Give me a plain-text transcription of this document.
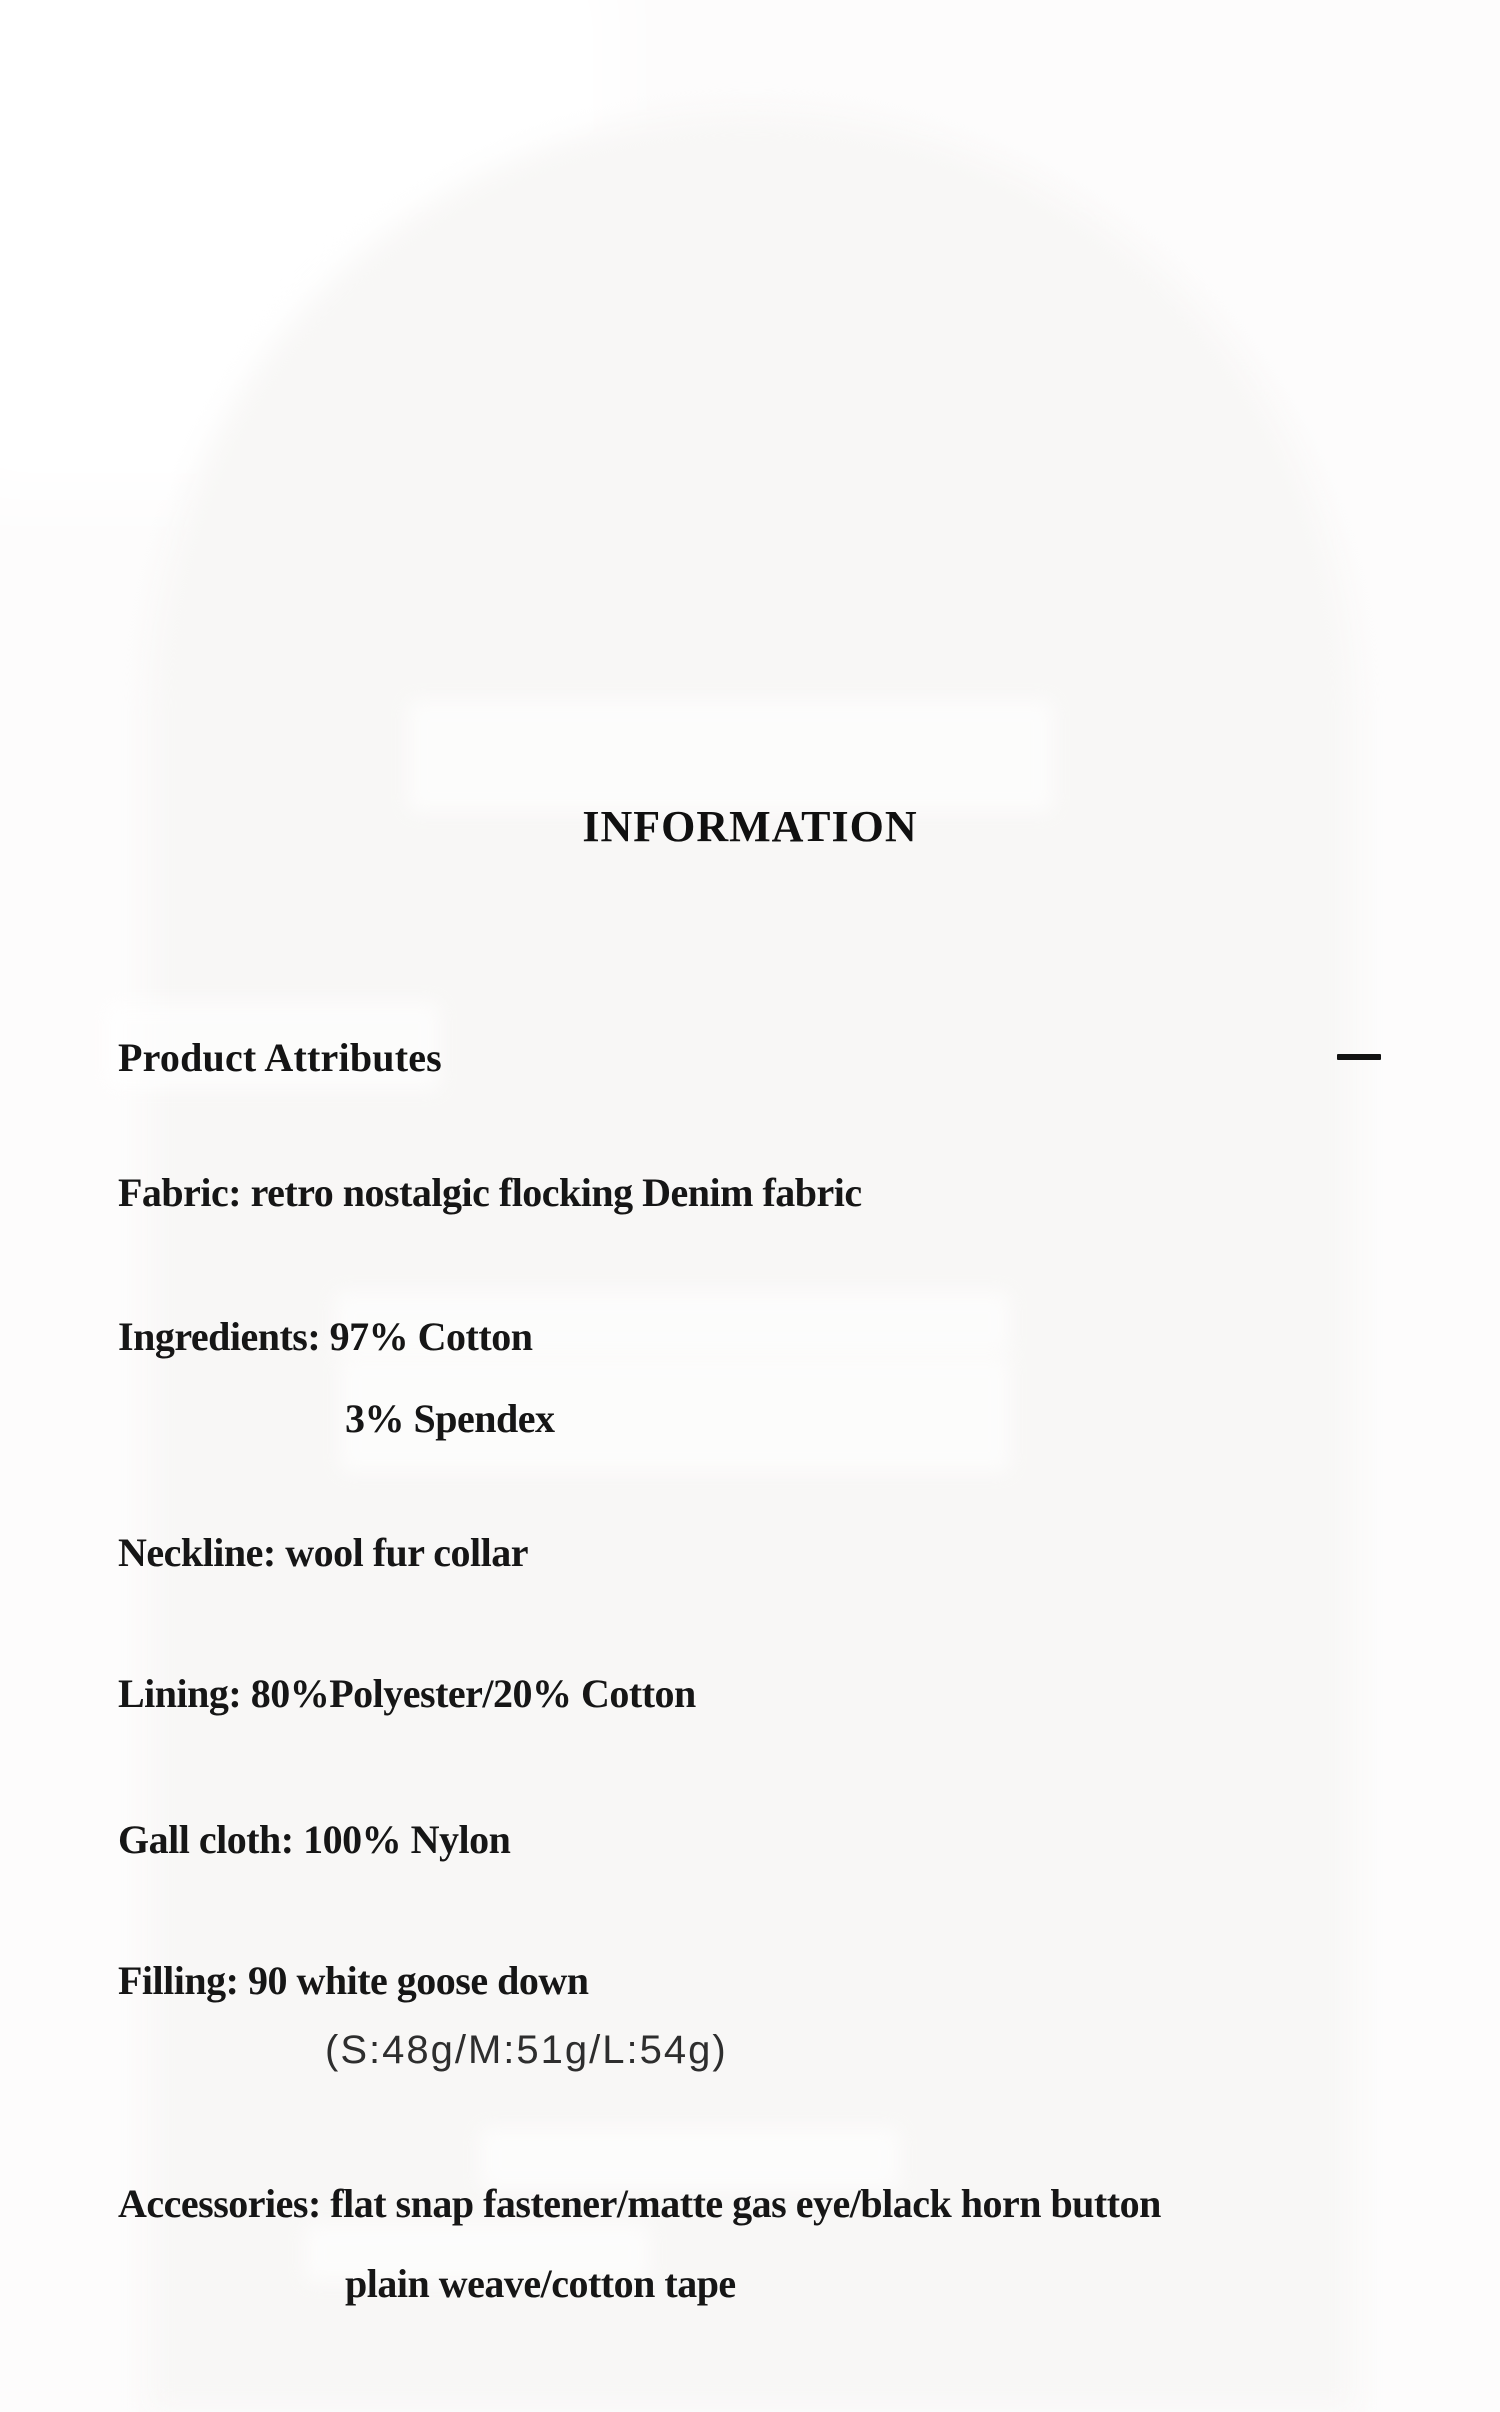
INFORMATION
Product Attributes
Fabric: retro nostalgic flocking Denim fabric
Ingredients: 97% Cotton
3% Spendex
Neckline: wool fur collar
Lining: 80%Polyester/20% Cotton
Gall cloth: 100% Nylon
Filling: 90 white goose down
(S:48g/M:51g/L:54g)
Accessories: flat snap fastener/matte gas eye/black horn button
plain weave/cotton tape
